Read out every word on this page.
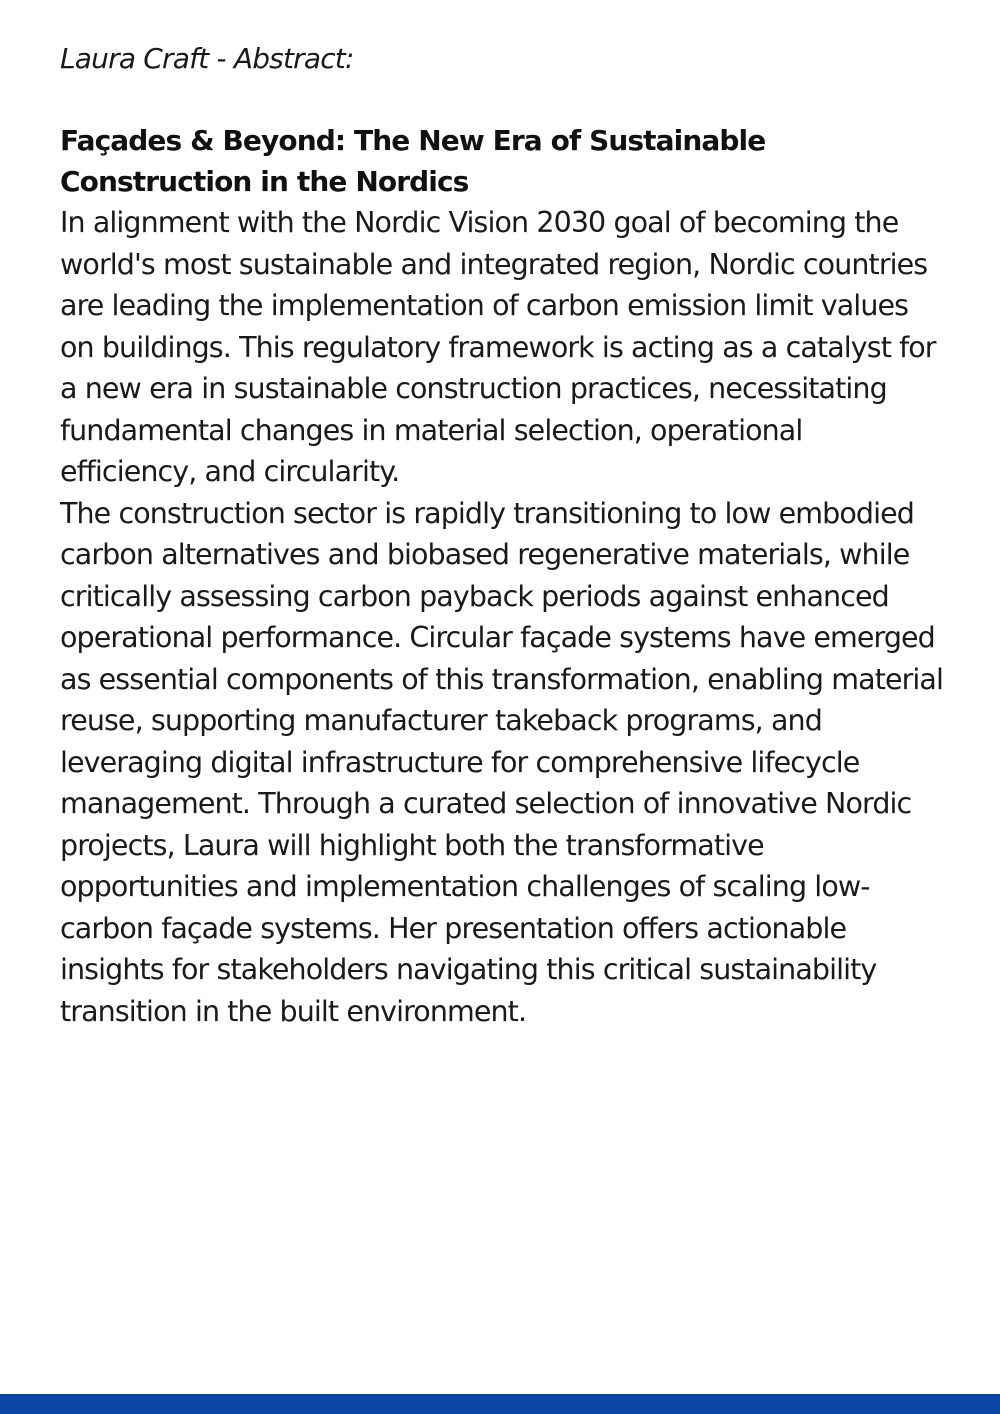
Laura Craft - Abstract:

Façades & Beyond: The New Era of Sustainable
Construction in the Nordics

In alignment with the Nordic Vision 2030 goal of becoming the world's most sustainable and integrated region, Nordic countries are leading the implementation of carbon emission limit values on buildings. This regulatory framework is acting as a catalyst for a new era in sustainable construction practices, necessitating fundamental changes in material selection, operational efficiency, and circularity.

The construction sector is rapidly transitioning to low embodied carbon alternatives and biobased regenerative materials, while critically assessing carbon payback periods against enhanced operational performance. Circular façade systems have emerged as essential components of this transformation, enabling material reuse, supporting manufacturer takeback programs, and leveraging digital infrastructure for comprehensive lifecycle management. Through a curated selection of innovative Nordic projects, Laura will highlight both the transformative opportunities and implementation challenges of scaling low-carbon façade systems. Her presentation offers actionable insights for stakeholders navigating this critical sustainability transition in the built environment.
